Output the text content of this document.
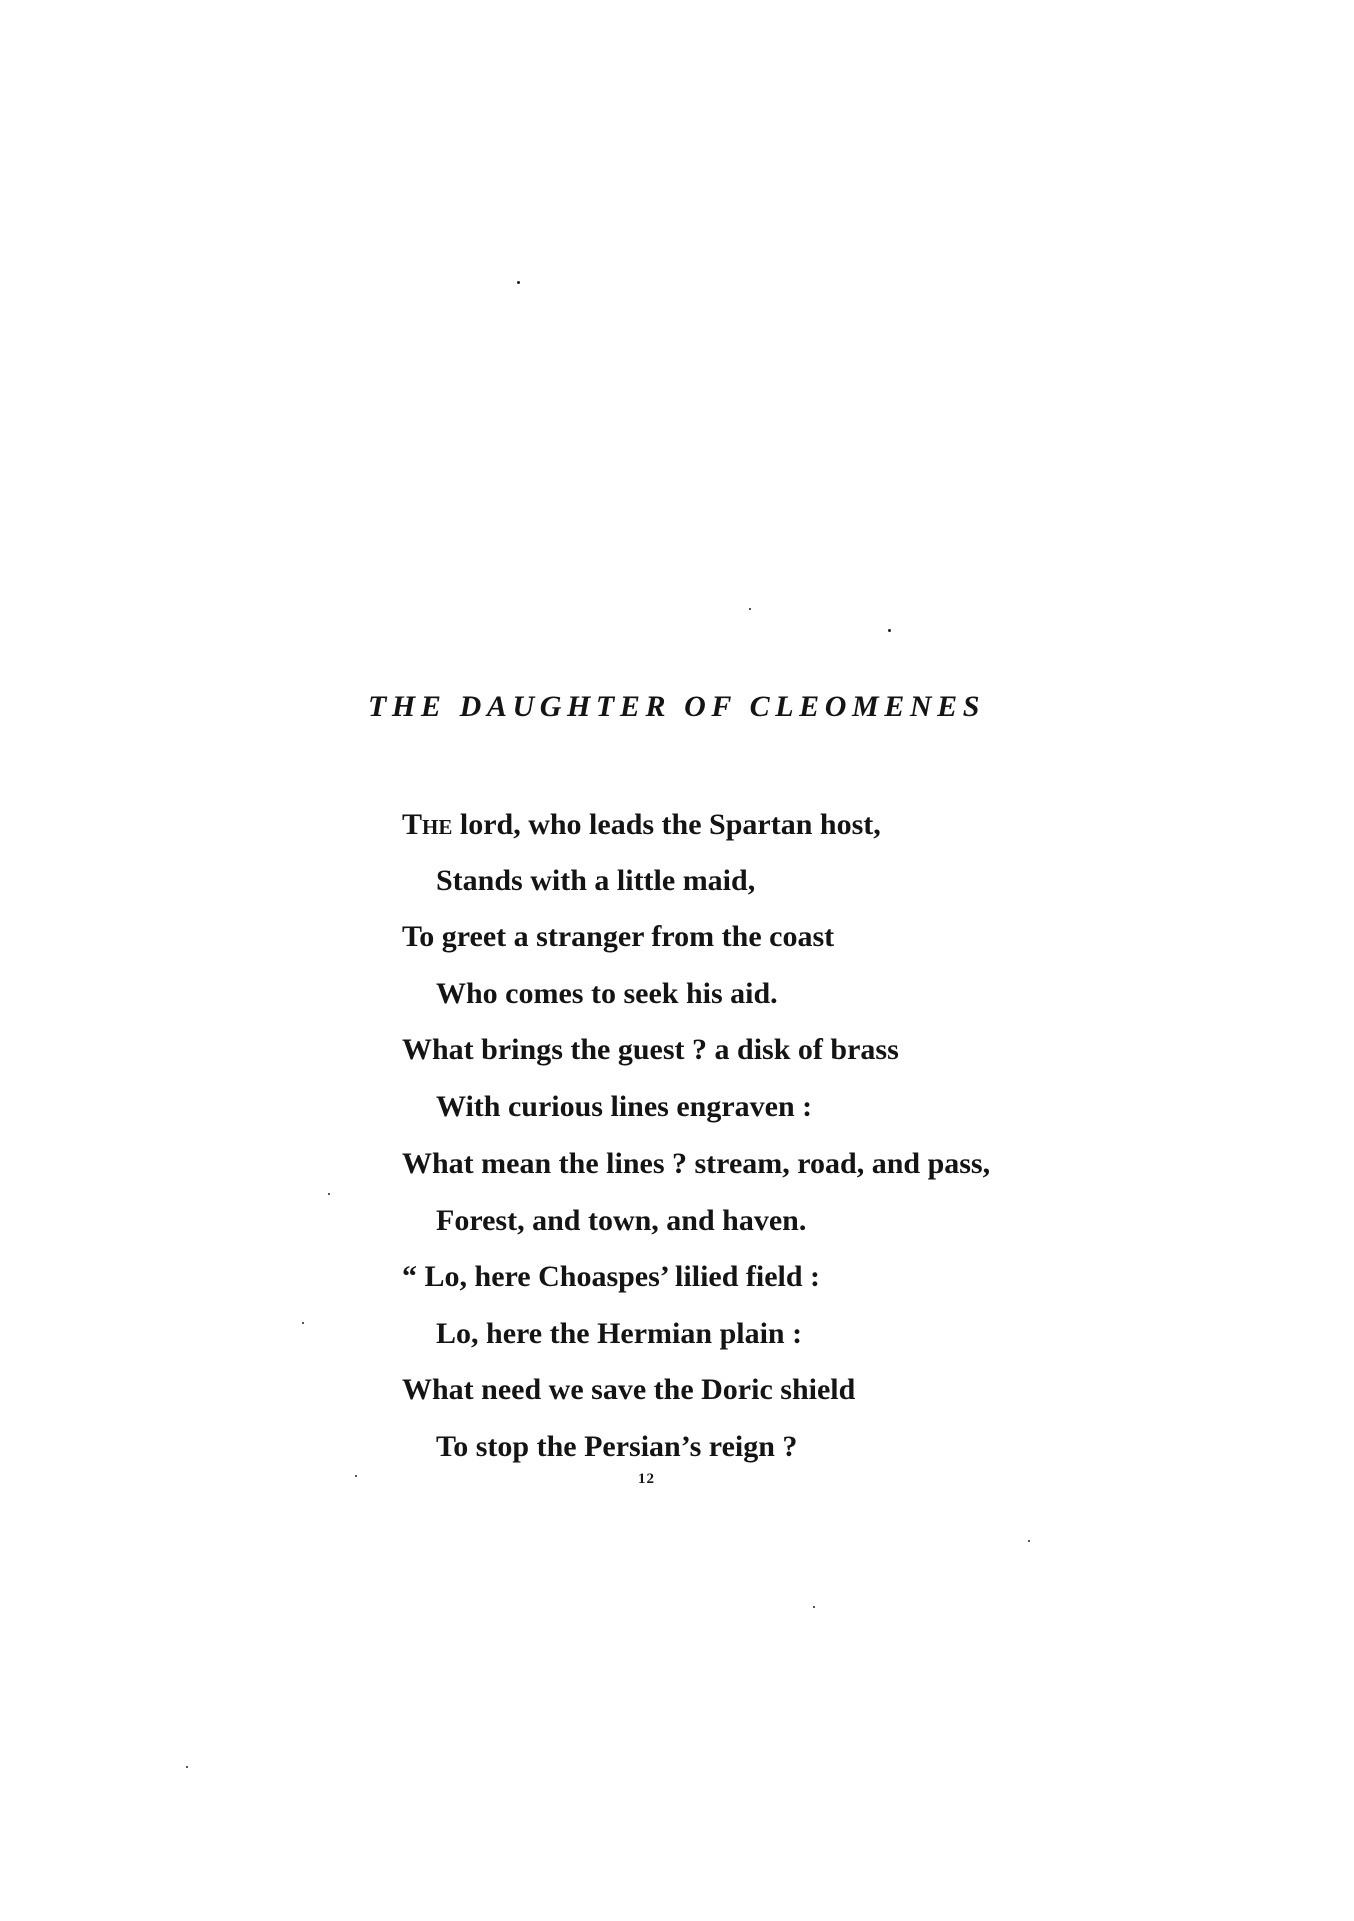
THE DAUGHTER OF CLEOMENES
The lord, who leads the Spartan host,
Stands with a little maid,
To greet a stranger from the coast
Who comes to seek his aid.
What brings the guest ? a disk of brass
With curious lines engraven :
What mean the lines ? stream, road, and pass,
Forest, and town, and haven.
“ Lo, here Choaspes’ lilied field :
Lo, here the Hermian plain :
What need we save the Doric shield
To stop the Persian’s reign ?
12
